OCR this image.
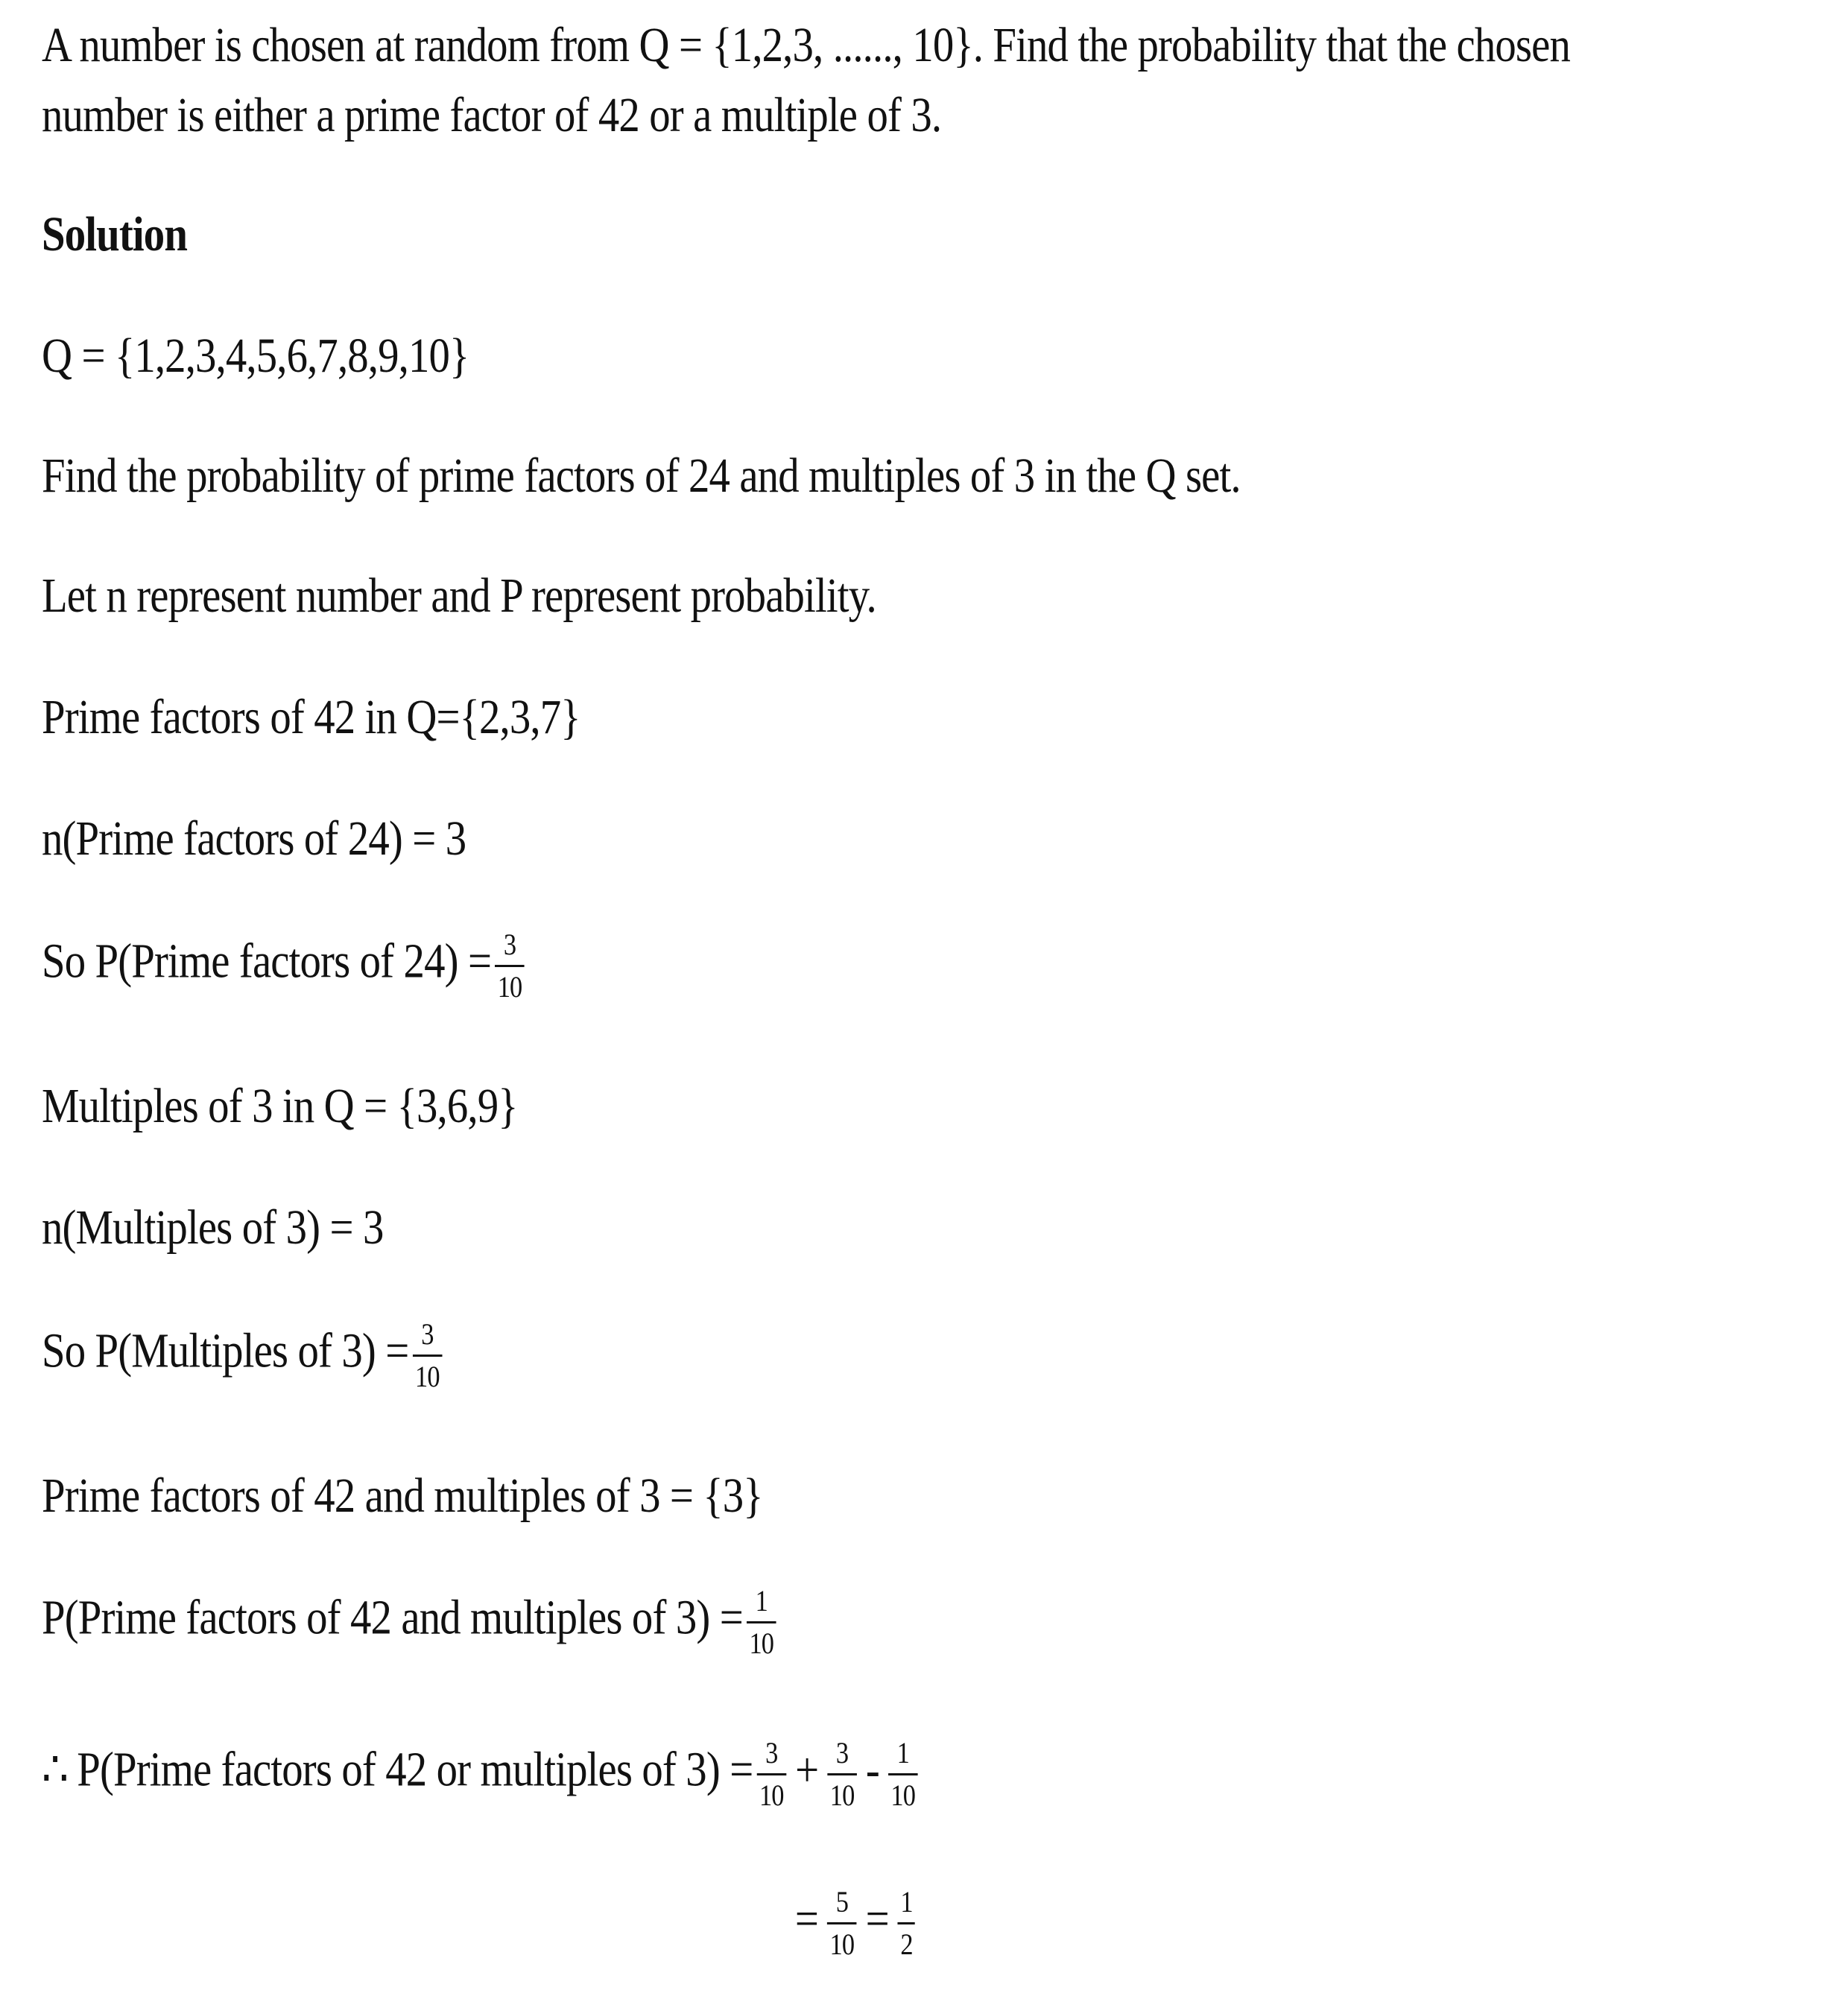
A number is chosen at random from Q = {1,2,3, ......, 10}. Find the probability that the chosen
number is either a prime factor of 42 or a multiple of 3.
Solution
Q = {1,2,3,4,5,6,7,8,9,10}
Find the probability of prime factors of 24 and multiples of 3 in the Q set.
Let n represent number and P represent probability.
Prime factors of 42 in Q={2,3,7}
n(Prime factors of 24) = 3
So P(Prime factors of $24) = \frac{3}{10}$
Multiples of 3 in Q = {3,6,9}
n(Multiples of 3) = 3
So P(Multiples of $3) = \frac{3}{10}$
Prime factors of 42 and multiples of 3 = {3}
P(Prime factors of 42 and multiples of $3) = \frac{1}{10}$
∴ P(Prime factors of 42 or multiples of $3) = \frac{3}{10} + \frac{3}{10} - \frac{1}{10}$
= $\frac{5}{10} = \frac{1}{2}$
